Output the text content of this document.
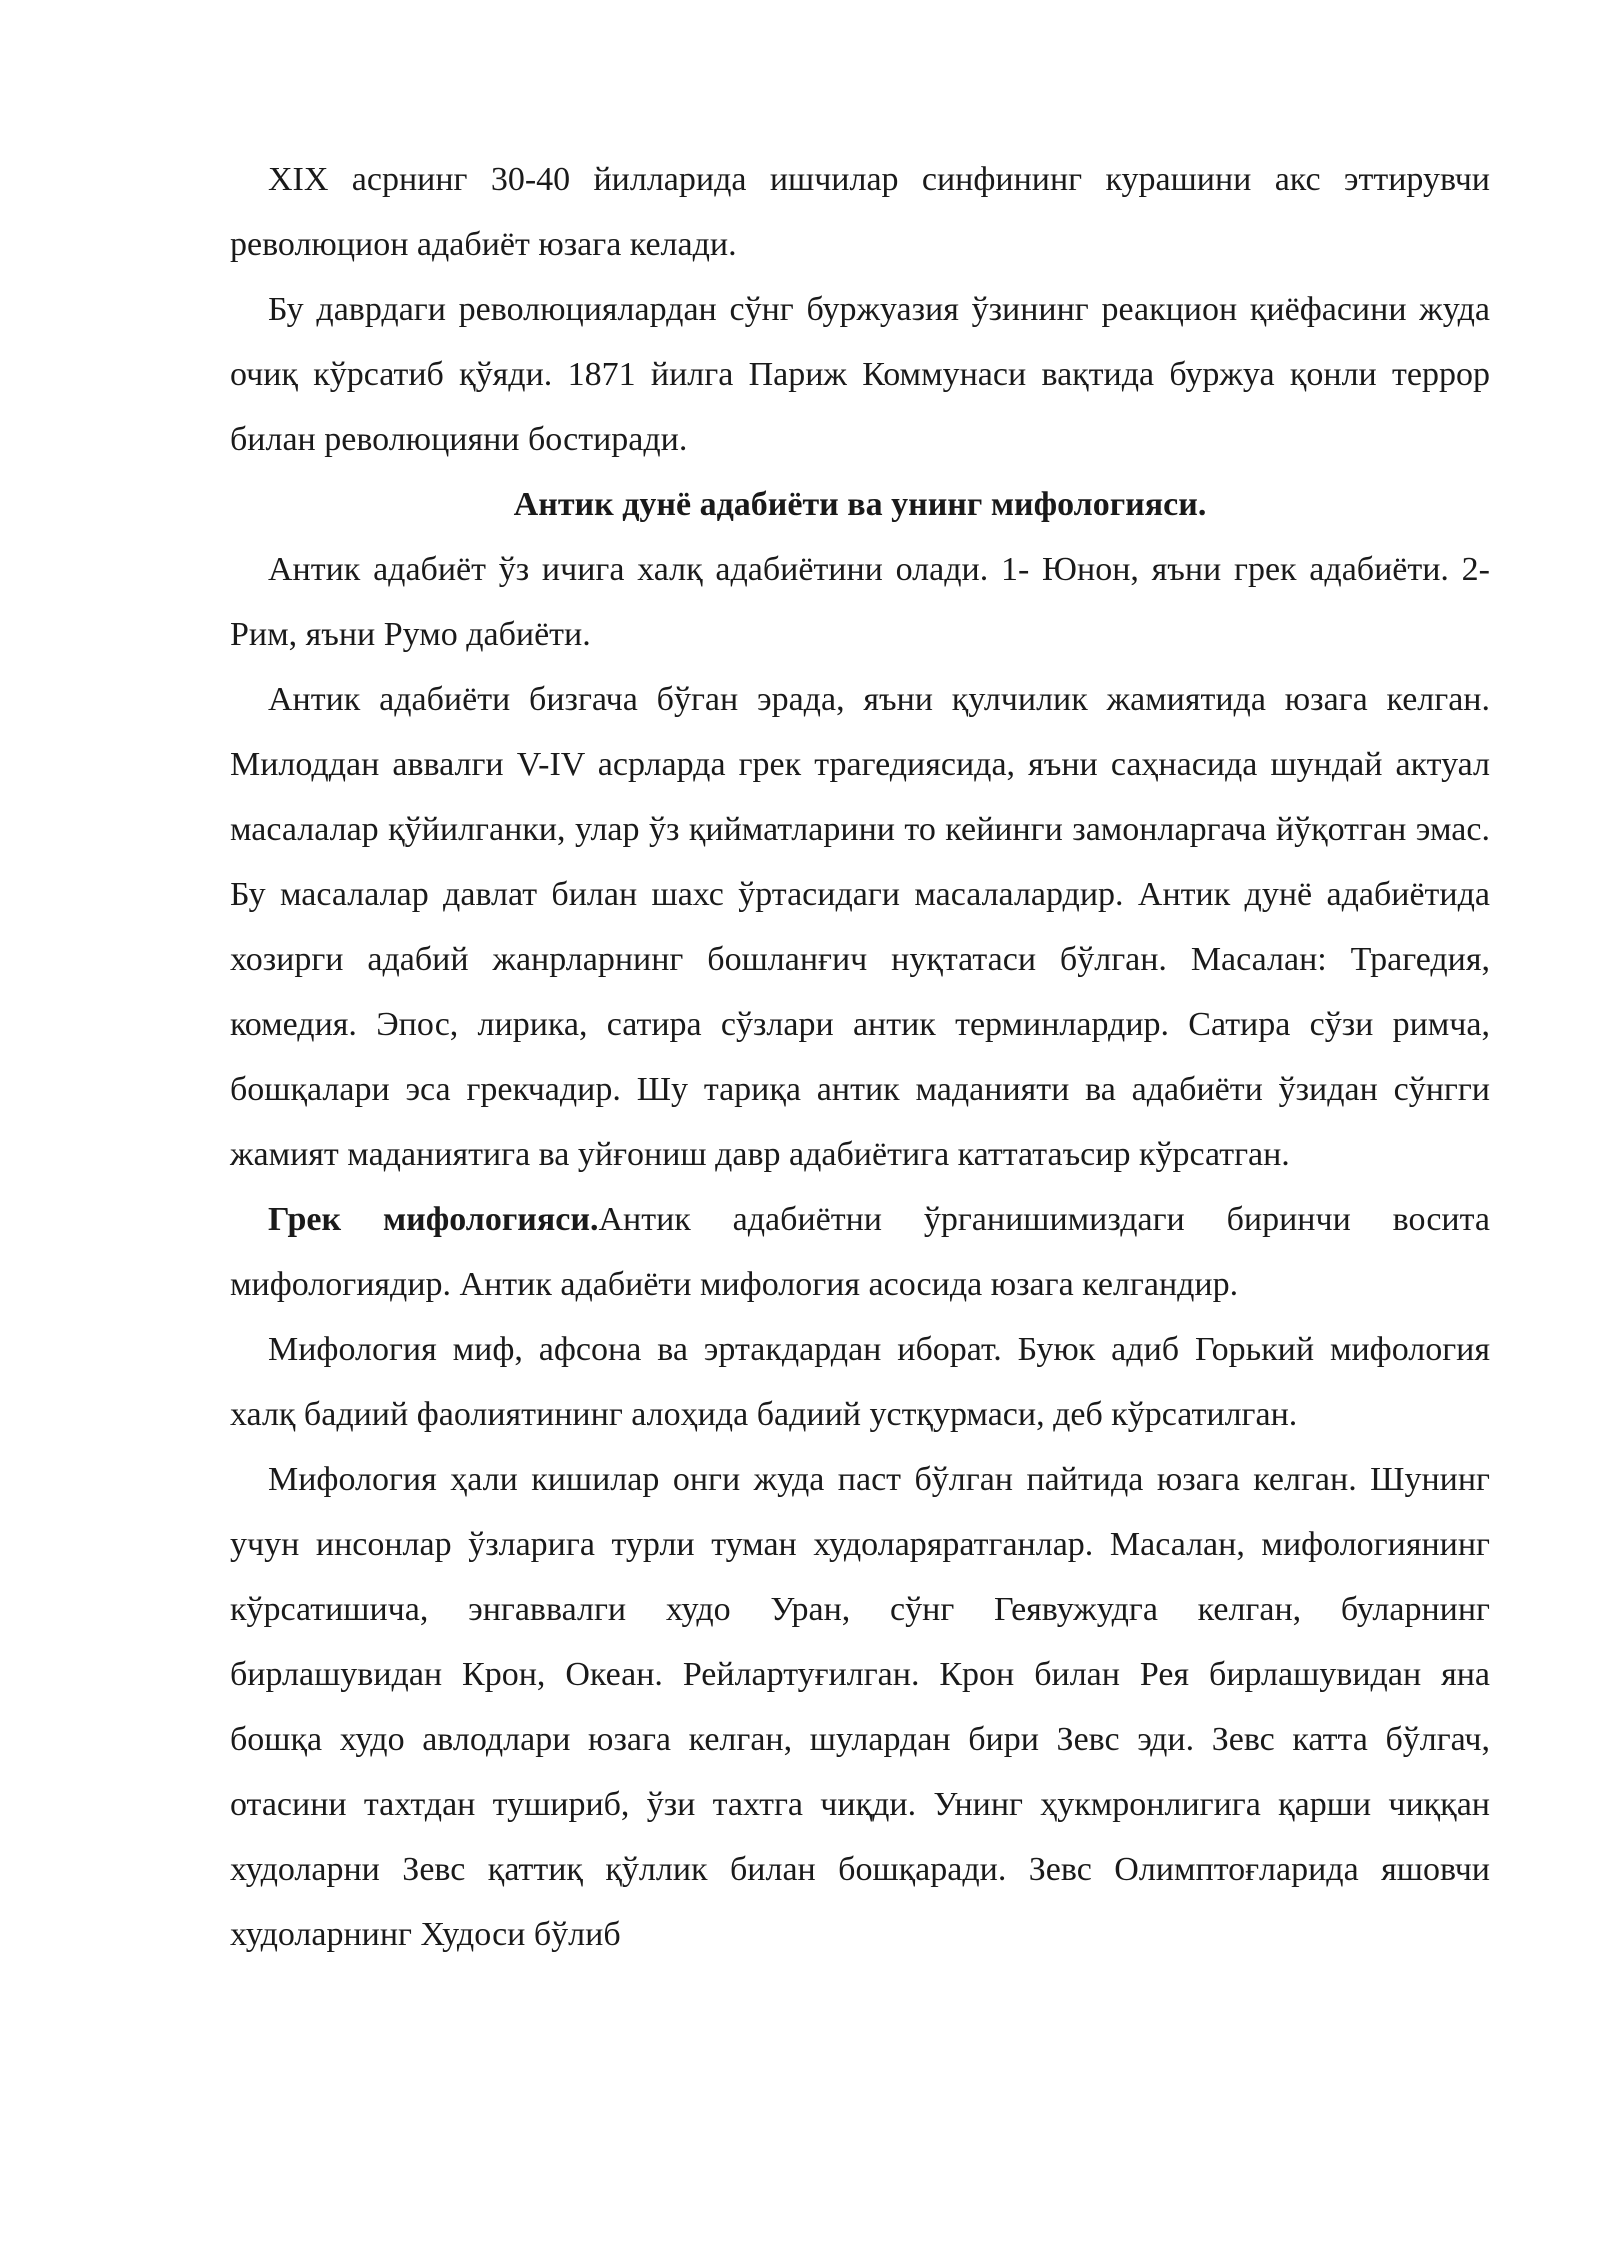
XIX асрнинг 30-40 йилларида ишчилар синфининг курашини акс эттирувчи революцион адабиёт юзага келади.

Бу даврдаги революциялардан сўнг буржуазия ўзининг реакцион қиёфасини жуда очиқ кўрсатиб қўяди. 1871 йилга Париж Коммунаси вақтида буржуа қонли террор билан революцияни бостиради.

Антик дунё адабиёти ва унинг мифологияси.

Антик адабиёт ўз ичига халқ адабиётини олади. 1- Юнон, яъни грек адабиёти. 2- Рим, яъни Румо дабиёти.

Антик адабиёти бизгача бўган эрада, яъни қулчилик жамиятида юзага келган. Милоддан аввалги V-IV асрларда грек трагедиясида, яъни саҳнасида шундай актуал масалалар қўйилганки, улар ўз қийматларини то кейинги замонларгача йўқотган эмас. Бу масалалар давлат билан шахс ўртасидаги масалалардир. Антик дунё адабиётида хозирги адабий жанрларнинг бошланғич нуқтатаси бўлган. Масалан: Трагедия, комедия. Эпос, лирика, сатира сўзлари антик терминлардир. Сатира сўзи римча, бошқалари эса грекчадир. Шу тариқа антик маданияти ва адабиёти ўзидан сўнгги жамият маданиятига ва уйғониш давр адабиётига каттатаъсир кўрсатган.

Грек мифологияси.Антик адабиётни ўрганишимиздаги биринчи восита мифологиядир. Антик адабиёти мифология асосида юзага келгандир.

Мифология миф, афсона ва эртакдардан иборат. Буюк адиб Горький мифология халқ бадиий фаолиятининг алоҳида бадиий устқурмаси, деб кўрсатилган.

Мифология ҳали кишилар онги жуда паст бўлган пайтида юзага келган. Шунинг учун инсонлар ўзларига турли туман худоларяратганлар. Масалан, мифологиянинг кўрсатишича, энгаввалги худо Уран, сўнг Геявужудга келган, буларнинг бирлашувидан Крон, Океан. Рейлартуғилган. Крон билан Рея бирлашувидан яна бошқа худо авлодлари юзага келган, шулардан бири Зевс эди. Зевс катта бўлгач, отасини тахтдан тушириб, ўзи тахтга чиқди. Унинг ҳукмронлигига қарши чиққан худоларни Зевс қаттиқ қўллик билан бошқаради. Зевс Олимптоғларида яшовчи худоларнинг Худоси бўлиб
